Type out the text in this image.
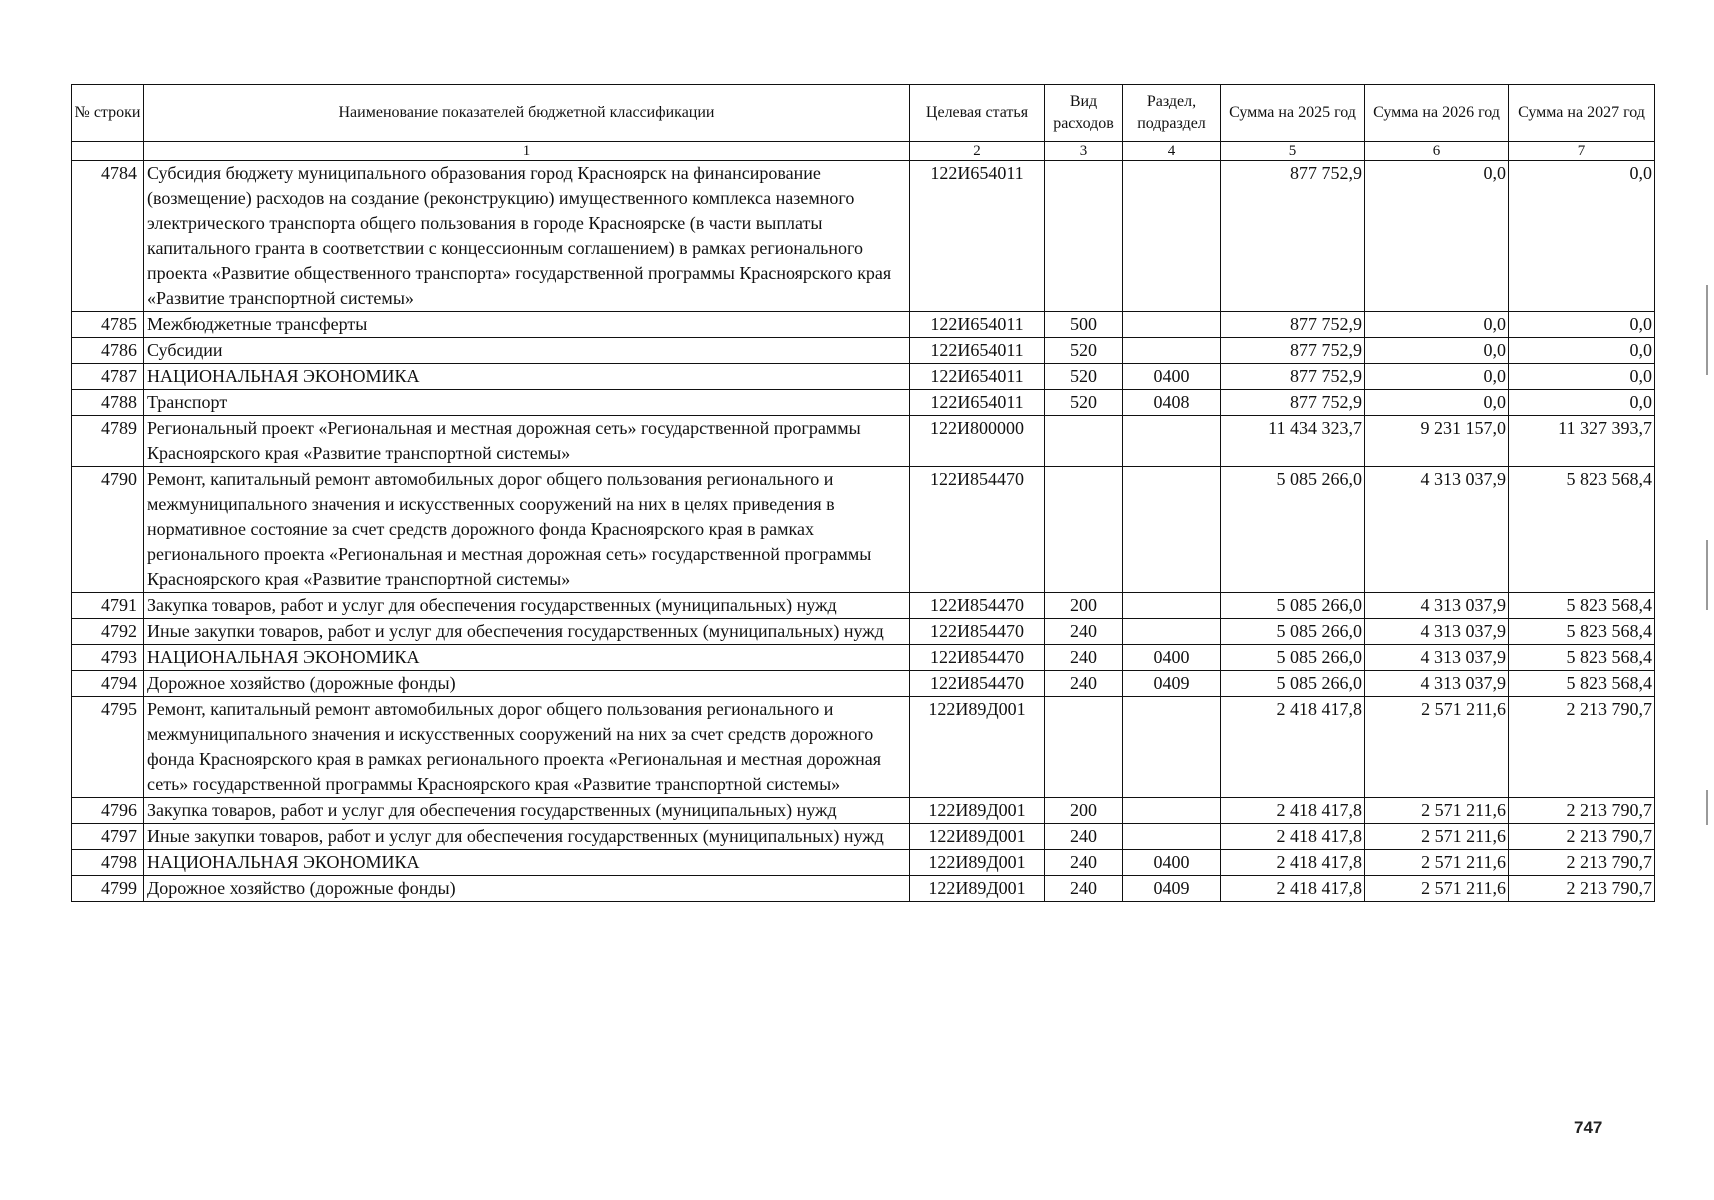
№ строки	Наименование показателей бюджетной классификации	Целевая статья	Вид расходов	Раздел, подраздел	Сумма на 2025 год	Сумма на 2026 год	Сумма на 2027 год
	1	2	3	4	5	6	7
4784	Субсидия бюджету муниципального образования город Красноярск на финансирование (возмещение) расходов на создание (реконструкцию) имущественного комплекса наземного электрического транспорта общего пользования в городе Красноярске (в части выплаты капитального гранта в соответствии с концессионным соглашением) в рамках регионального проекта «Развитие общественного транспорта» государственной программы Красноярского края «Развитие транспортной системы»	122И654011			877 752,9	0,0	0,0
4785	Межбюджетные трансферты	122И654011	500		877 752,9	0,0	0,0
4786	Субсидии	122И654011	520		877 752,9	0,0	0,0
4787	НАЦИОНАЛЬНАЯ ЭКОНОМИКА	122И654011	520	0400	877 752,9	0,0	0,0
4788	Транспорт	122И654011	520	0408	877 752,9	0,0	0,0
4789	Региональный проект «Региональная и местная дорожная сеть» государственной программы Красноярского края «Развитие транспортной системы»	122И800000			11 434 323,7	9 231 157,0	11 327 393,7
4790	Ремонт, капитальный ремонт автомобильных дорог общего пользования регионального и межмуниципального значения и искусственных сооружений на них в целях приведения в нормативное состояние за счет средств дорожного фонда Красноярского края в рамках регионального проекта «Региональная и местная дорожная сеть» государственной программы Красноярского края «Развитие транспортной системы»	122И854470			5 085 266,0	4 313 037,9	5 823 568,4
4791	Закупка товаров, работ и услуг для обеспечения государственных (муниципальных) нужд	122И854470	200		5 085 266,0	4 313 037,9	5 823 568,4
4792	Иные закупки товаров, работ и услуг для обеспечения государственных (муниципальных) нужд	122И854470	240		5 085 266,0	4 313 037,9	5 823 568,4
4793	НАЦИОНАЛЬНАЯ ЭКОНОМИКА	122И854470	240	0400	5 085 266,0	4 313 037,9	5 823 568,4
4794	Дорожное хозяйство (дорожные фонды)	122И854470	240	0409	5 085 266,0	4 313 037,9	5 823 568,4
4795	Ремонт, капитальный ремонт автомобильных дорог общего пользования регионального и межмуниципального значения и искусственных сооружений на них за счет средств дорожного фонда Красноярского края в рамках регионального проекта «Региональная и местная дорожная сеть» государственной программы Красноярского края «Развитие транспортной системы»	122И89Д001			2 418 417,8	2 571 211,6	2 213 790,7
4796	Закупка товаров, работ и услуг для обеспечения государственных (муниципальных) нужд	122И89Д001	200		2 418 417,8	2 571 211,6	2 213 790,7
4797	Иные закупки товаров, работ и услуг для обеспечения государственных (муниципальных) нужд	122И89Д001	240		2 418 417,8	2 571 211,6	2 213 790,7
4798	НАЦИОНАЛЬНАЯ ЭКОНОМИКА	122И89Д001	240	0400	2 418 417,8	2 571 211,6	2 213 790,7
4799	Дорожное хозяйство (дорожные фонды)	122И89Д001	240	0409	2 418 417,8	2 571 211,6	2 213 790,7
747
